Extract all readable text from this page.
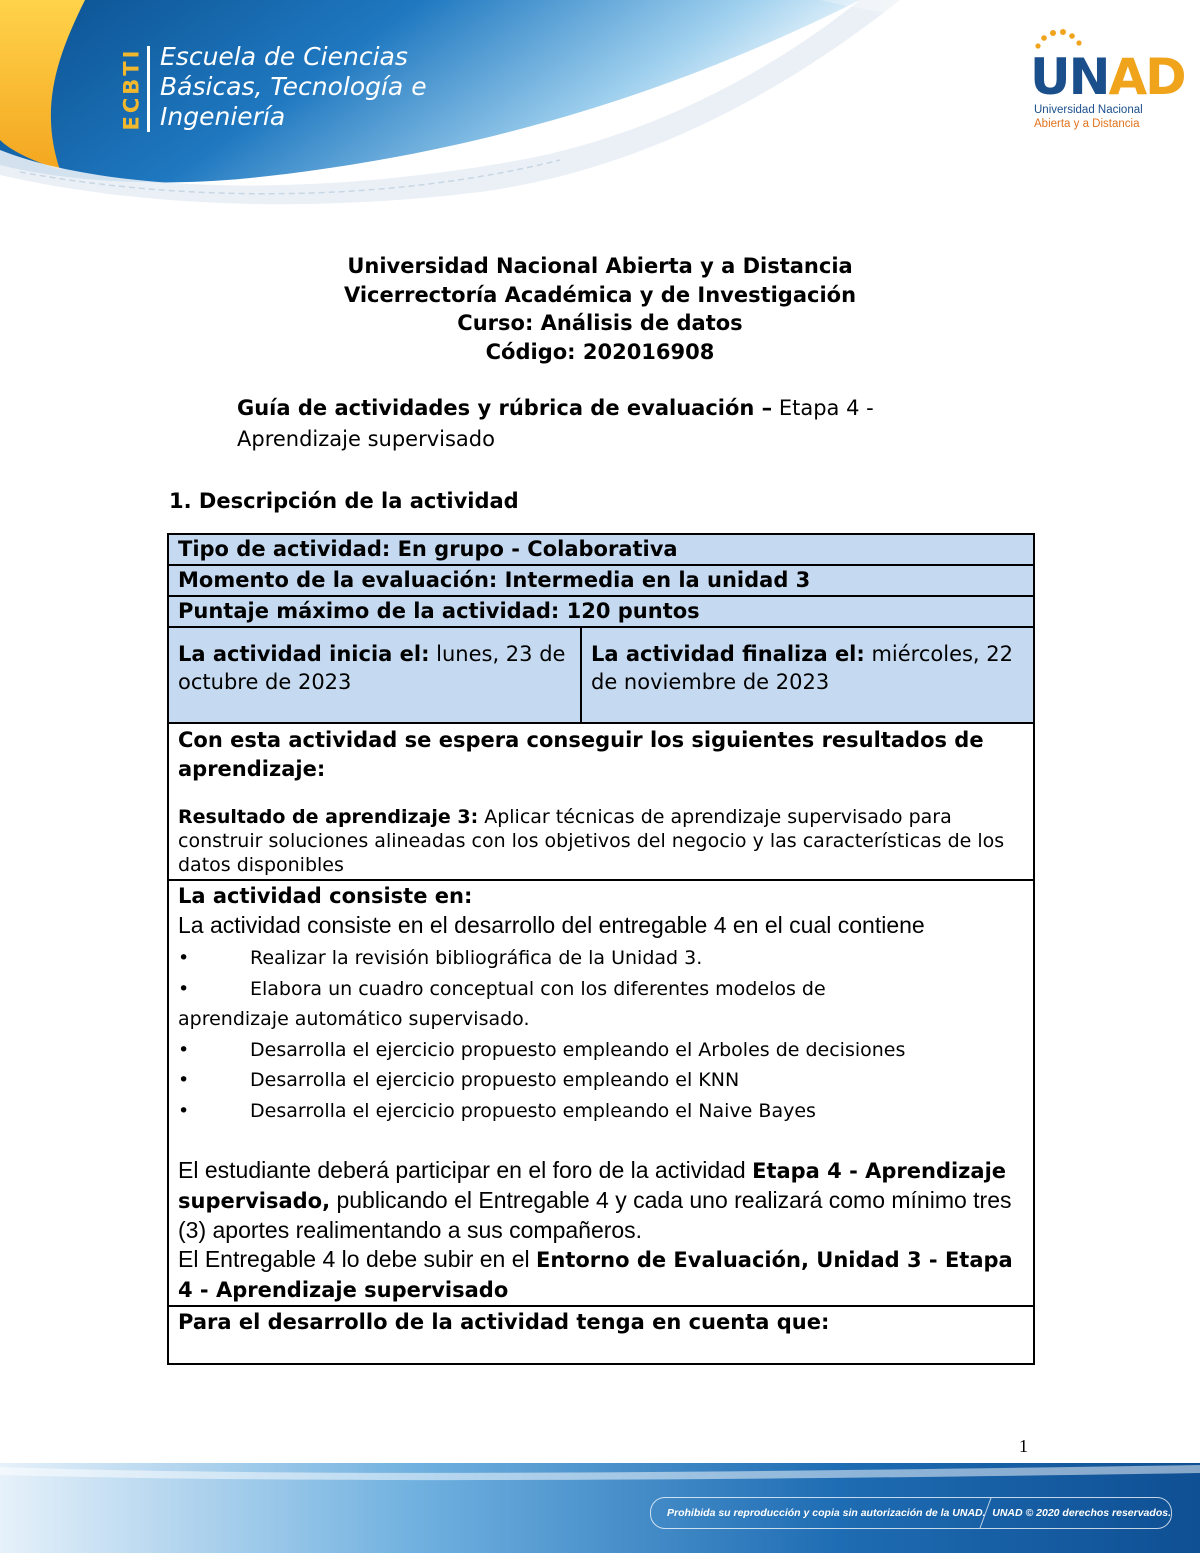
ECBTI Escuela de Ciencias
Básicas, Tecnología e
Ingeniería
UNAD
Universidad Nacional
Abierta y a Distancia
Universidad Nacional Abierta y a Distancia
Vicerrectoría Académica y de Investigación
Curso: Análisis de datos
Código: 202016908
Guía de actividades y rúbrica de evaluación – Etapa 4 - Aprendizaje supervisado
1. Descripción de la actividad
Tipo de actividad: En grupo - Colaborativa
Momento de la evaluación: Intermedia en la unidad 3
Puntaje máximo de la actividad: 120 puntos
La actividad inicia el: lunes, 23 de octubre de 2023	La actividad finaliza el: miércoles, 22 de noviembre de 2023

Con esta actividad se espera conseguir los siguientes resultados de aprendizaje:
Resultado de aprendizaje 3: Aplicar técnicas de aprendizaje supervisado para construir soluciones alineadas con los objetivos del negocio y las características de los datos disponibles

La actividad consiste en:
La actividad consiste en el desarrollo del entregable 4 en el cual contiene
•	Realizar la revisión bibliográfica de la Unidad 3.
•	Elabora un cuadro conceptual con los diferentes modelos de
aprendizaje automático supervisado.
•	Desarrolla el ejercicio propuesto empleando el Arboles de decisiones
•	Desarrolla el ejercicio propuesto empleando el KNN
•	Desarrolla el ejercicio propuesto empleando el Naive Bayes
El estudiante deberá participar en el foro de la actividad Etapa 4 - Aprendizaje supervisado, publicando el Entregable 4 y cada uno realizará como mínimo tres (3) aportes realimentando a sus compañeros.
El Entregable 4 lo debe subir en el Entorno de Evaluación, Unidad 3 - Etapa 4 - Aprendizaje supervisado

Para el desarrollo de la actividad tenga en cuenta que:
1
Prohibida su reproducción y copia sin autorización de la UNAD. UNAD © 2020 derechos reservados.
